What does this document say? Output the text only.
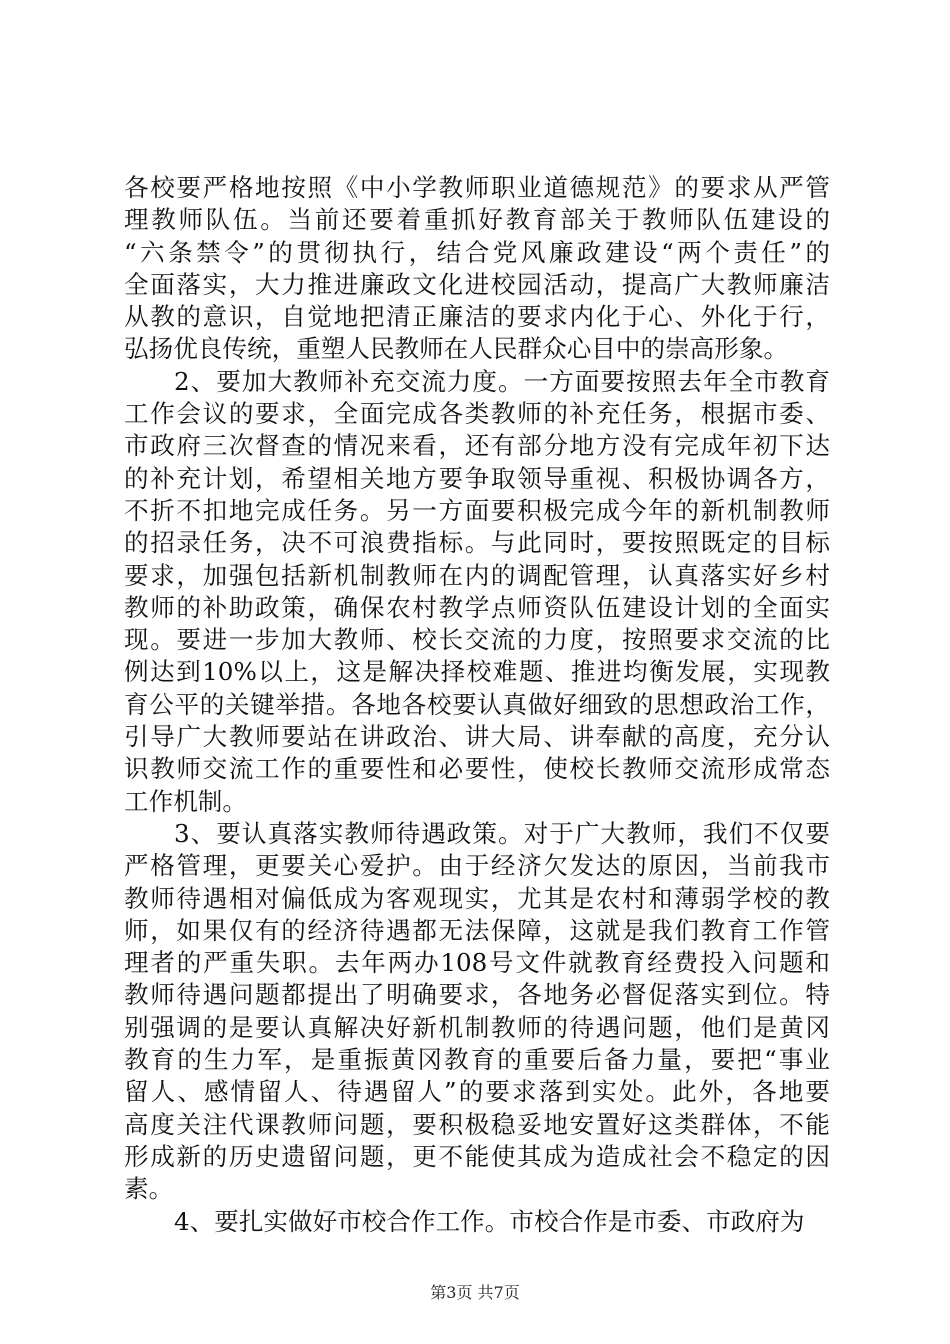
各校要严格地按照《中小学教师职业道德规范》的要求从严管
理教师队伍。当前还要着重抓好教育部关于教师队伍建设的
“六条禁令”的贯彻执行，结合党风廉政建设“两个责任”的
全面落实，大力推进廉政文化进校园活动，提高广大教师廉洁
从教的意识，自觉地把清正廉洁的要求内化于心、外化于行，
弘扬优良传统，重塑人民教师在人民群众心目中的崇高形象。
2、要加大教师补充交流力度。一方面要按照去年全市教育
工作会议的要求，全面完成各类教师的补充任务，根据市委、
市政府三次督查的情况来看，还有部分地方没有完成年初下达
的补充计划，希望相关地方要争取领导重视、积极协调各方，
不折不扣地完成任务。另一方面要积极完成今年的新机制教师
的招录任务，决不可浪费指标。与此同时，要按照既定的目标
要求，加强包括新机制教师在内的调配管理，认真落实好乡村
教师的补助政策，确保农村教学点师资队伍建设计划的全面实
现。要进一步加大教师、校长交流的力度，按照要求交流的比
例达到10%以上，这是解决择校难题、推进均衡发展，实现教
育公平的关键举措。各地各校要认真做好细致的思想政治工作，
引导广大教师要站在讲政治、讲大局、讲奉献的高度，充分认
识教师交流工作的重要性和必要性，使校长教师交流形成常态
工作机制。
3、要认真落实教师待遇政策。对于广大教师，我们不仅要
严格管理，更要关心爱护。由于经济欠发达的原因，当前我市
教师待遇相对偏低成为客观现实，尤其是农村和薄弱学校的教
师，如果仅有的经济待遇都无法保障，这就是我们教育工作管
理者的严重失职。去年两办108号文件就教育经费投入问题和
教师待遇问题都提出了明确要求，各地务必督促落实到位。特
别强调的是要认真解决好新机制教师的待遇问题，他们是黄冈
教育的生力军，是重振黄冈教育的重要后备力量，要把“事业
留人、感情留人、待遇留人”的要求落到实处。此外，各地要
高度关注代课教师问题，要积极稳妥地安置好这类群体，不能
形成新的历史遗留问题，更不能使其成为造成社会不稳定的因
素。
4、要扎实做好市校合作工作。市校合作是市委、市政府为
第3页 共7页
